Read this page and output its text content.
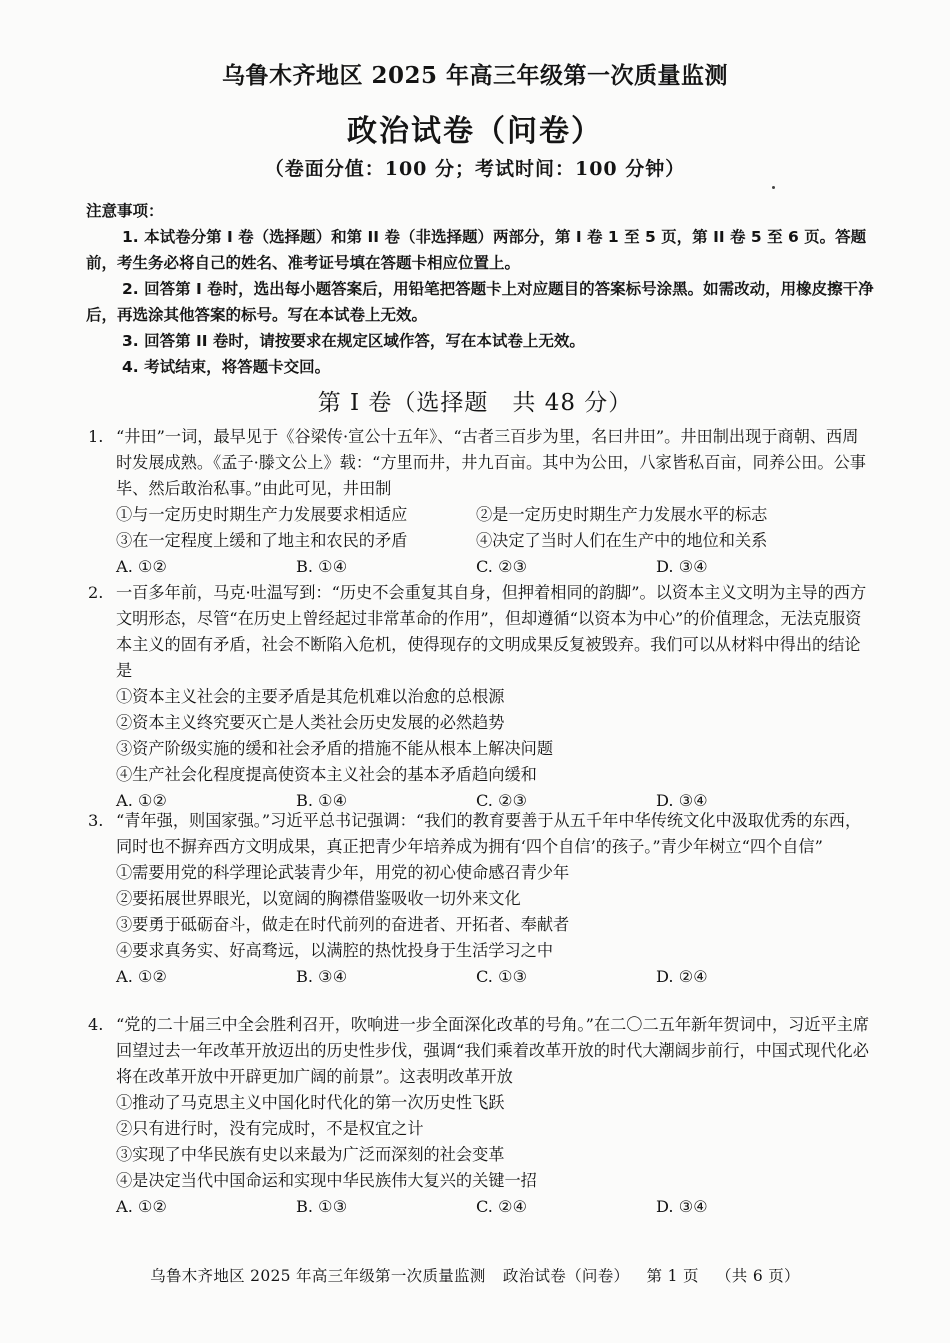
乌鲁木齐地区 2025 年高三年级第一次质量监测
政治试卷（问卷）
（卷面分值：100 分；考试时间：100 分钟）
注意事项：
1. 本试卷分第 I 卷（选择题）和第 II 卷（非选择题）两部分，第 I 卷 1 至 5 页，第 II 卷 5 至 6 页。答题前，考生务必将自己的姓名、准考证号填在答题卡相应位置上。
2. 回答第 I 卷时，选出每小题答案后，用铅笔把答题卡上对应题目的答案标号涂黑。如需改动，用橡皮擦干净后，再选涂其他答案的标号。写在本试卷上无效。
3. 回答第 II 卷时，请按要求在规定区域作答，写在本试卷上无效。
4. 考试结束，将答题卡交回。
第 I 卷（选择题　共 48 分）
1. “井田”一词，最早见于《谷梁传·宣公十五年》、“古者三百步为里，名曰井田”。井田制出现于商朝、西周时发展成熟。《孟子·滕文公上》载：“方里而井，井九百亩。其中为公田，八家皆私百亩，同养公田。公事毕、然后敢治私事。”由此可见，井田制
①与一定历史时期生产力发展要求相适应	②是一定历史时期生产力发展水平的标志
③在一定程度上缓和了地主和农民的矛盾	④决定了当时人们在生产中的地位和关系
A. ①②	B. ①④	C. ②③	D. ③④
2. 一百多年前，马克·吐温写到：“历史不会重复其自身，但押着相同的韵脚”。以资本主义文明为主导的西方文明形态，尽管“在历史上曾经起过非常革命的作用”，但却遵循“以资本为中心”的价值理念，无法克服资本主义的固有矛盾，社会不断陷入危机，使得现存的文明成果反复被毁弃。我们可以从材料中得出的结论是
①资本主义社会的主要矛盾是其危机难以治愈的总根源
②资本主义终究要灭亡是人类社会历史发展的必然趋势
③资产阶级实施的缓和社会矛盾的措施不能从根本上解决问题
④生产社会化程度提高使资本主义社会的基本矛盾趋向缓和
A. ①②	B. ①④	C. ②③	D. ③④
3. “青年强，则国家强。”习近平总书记强调：“我们的教育要善于从五千年中华传统文化中汲取优秀的东西，同时也不摒弃西方文明成果，真正把青少年培养成为拥有‘四个自信’的孩子。”青少年树立“四个自信”
①需要用党的科学理论武装青少年，用党的初心使命感召青少年
②要拓展世界眼光，以宽阔的胸襟借鉴吸收一切外来文化
③要勇于砥砺奋斗，做走在时代前列的奋进者、开拓者、奉献者
④要求真务实、好高骛远，以满腔的热忱投身于生活学习之中
A. ①②	B. ③④	C. ①③	D. ②④
4. “党的二十届三中全会胜利召开，吹响进一步全面深化改革的号角。”在二〇二五年新年贺词中，习近平主席回望过去一年改革开放迈出的历史性步伐，强调“我们乘着改革开放的时代大潮阔步前行，中国式现代化必将在改革开放中开辟更加广阔的前景”。这表明改革开放
①推动了马克思主义中国化时代化的第一次历史性飞跃
②只有进行时，没有完成时，不是权宜之计
③实现了中华民族有史以来最为广泛而深刻的社会变革
④是决定当代中国命运和实现中华民族伟大复兴的关键一招
A. ①②	B. ①③	C. ②④	D. ③④
乌鲁木齐地区 2025 年高三年级第一次质量监测 政治试卷（问卷） 第 1 页 （共 6 页）
